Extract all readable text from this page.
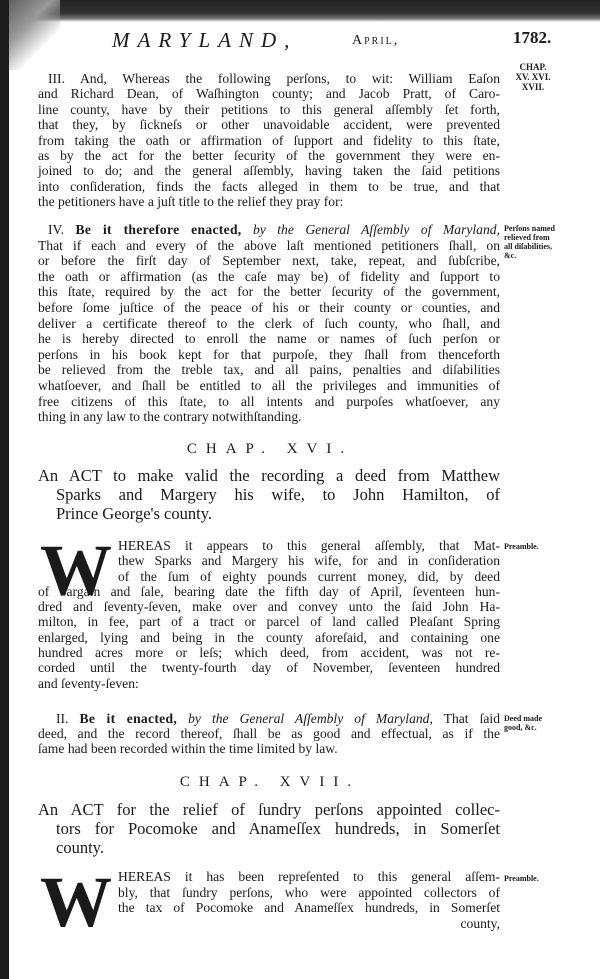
MARYLAND,	April,	1782.
CHAP.
XV. XVI.
XVII.
Perſons named
relieved from
all diſabilities,
&c.
Preamble.
Deed made
good, &c.
Preamble.
III. And, Whereas the following perſons, to wit: William Eaſon
and Richard Dean, of Waſhington county; and Jacob Pratt, of Caro-
line county, have by their petitions to this general aſſembly ſet forth,
that they, by ſickneſs or other unavoidable accident, were prevented
from taking the oath or affirmation of ſupport and fidelity to this ſtate,
as by the act for the better ſecurity of the government they were en-
joined to do; and the general aſſembly, having taken the ſaid petitions
into conſideration, finds the facts alleged in them to be true, and that
the petitioners have a juſt title to the relief they pray for:
IV. Be it therefore enacted, by the General Aſſembly of Maryland,
That if each and every of the above laſt mentioned petitioners ſhall, on
or before the firſt day of September next, take, repeat, and ſubſcribe,
the oath or affirmation (as the caſe may be) of fidelity and ſupport to
this ſtate, required by the act for the better ſecurity of the government,
before ſome juſtice of the peace of his or their county or counties, and
deliver a certificate thereof to the clerk of ſuch county, who ſhall, and
he is hereby directed to enroll the name or names of ſuch perſon or
perſons in his book kept for that purpoſe, they ſhall from thenceforth
be relieved from the treble tax, and all pains, penalties and diſabilities
whatſoever, and ſhall be entitled to all the privileges and immunities of
free citizens of this ſtate, to all intents and purpoſes whatſoever, any
thing in any law to the contrary notwithſtanding.
CHAP. XVI.
An ACT to make valid the recording a deed from Matthew
Sparks and Margery his wife, to John Hamilton, of
Prince George's county.
W HEREAS it appears to this general aſſembly, that Mat-
thew Sparks and Margery his wife, for and in conſideration
of the ſum of eighty pounds current money, did, by deed
of bargain and ſale, bearing date the fifth day of April, ſeventeen hun-
dred and ſeventy-ſeven, make over and convey unto the ſaid John Ha-
milton, in fee, part of a tract or parcel of land called Pleaſant Spring
enlarged, lying and being in the county aforeſaid, and containing one
hundred acres more or leſs; which deed, from accident, was not re-
corded until the twenty-fourth day of November, ſeventeen hundred
and ſeventy-ſeven:
II. Be it enacted, by the General Aſſembly of Maryland, That ſaid
deed, and the record thereof, ſhall be as good and effectual, as if the
ſame had been recorded within the time limited by law.
CHAP. XVII.
An ACT for the relief of ſundry perſons appointed collec-
tors for Pocomoke and Anameſſex hundreds, in Somerſet
county.
W HEREAS it has been repreſented to this general aſſem-
bly, that ſundry perſons, who were appointed collectors of
the tax of Pocomoke and Anameſſex hundreds, in Somerſet
county,
